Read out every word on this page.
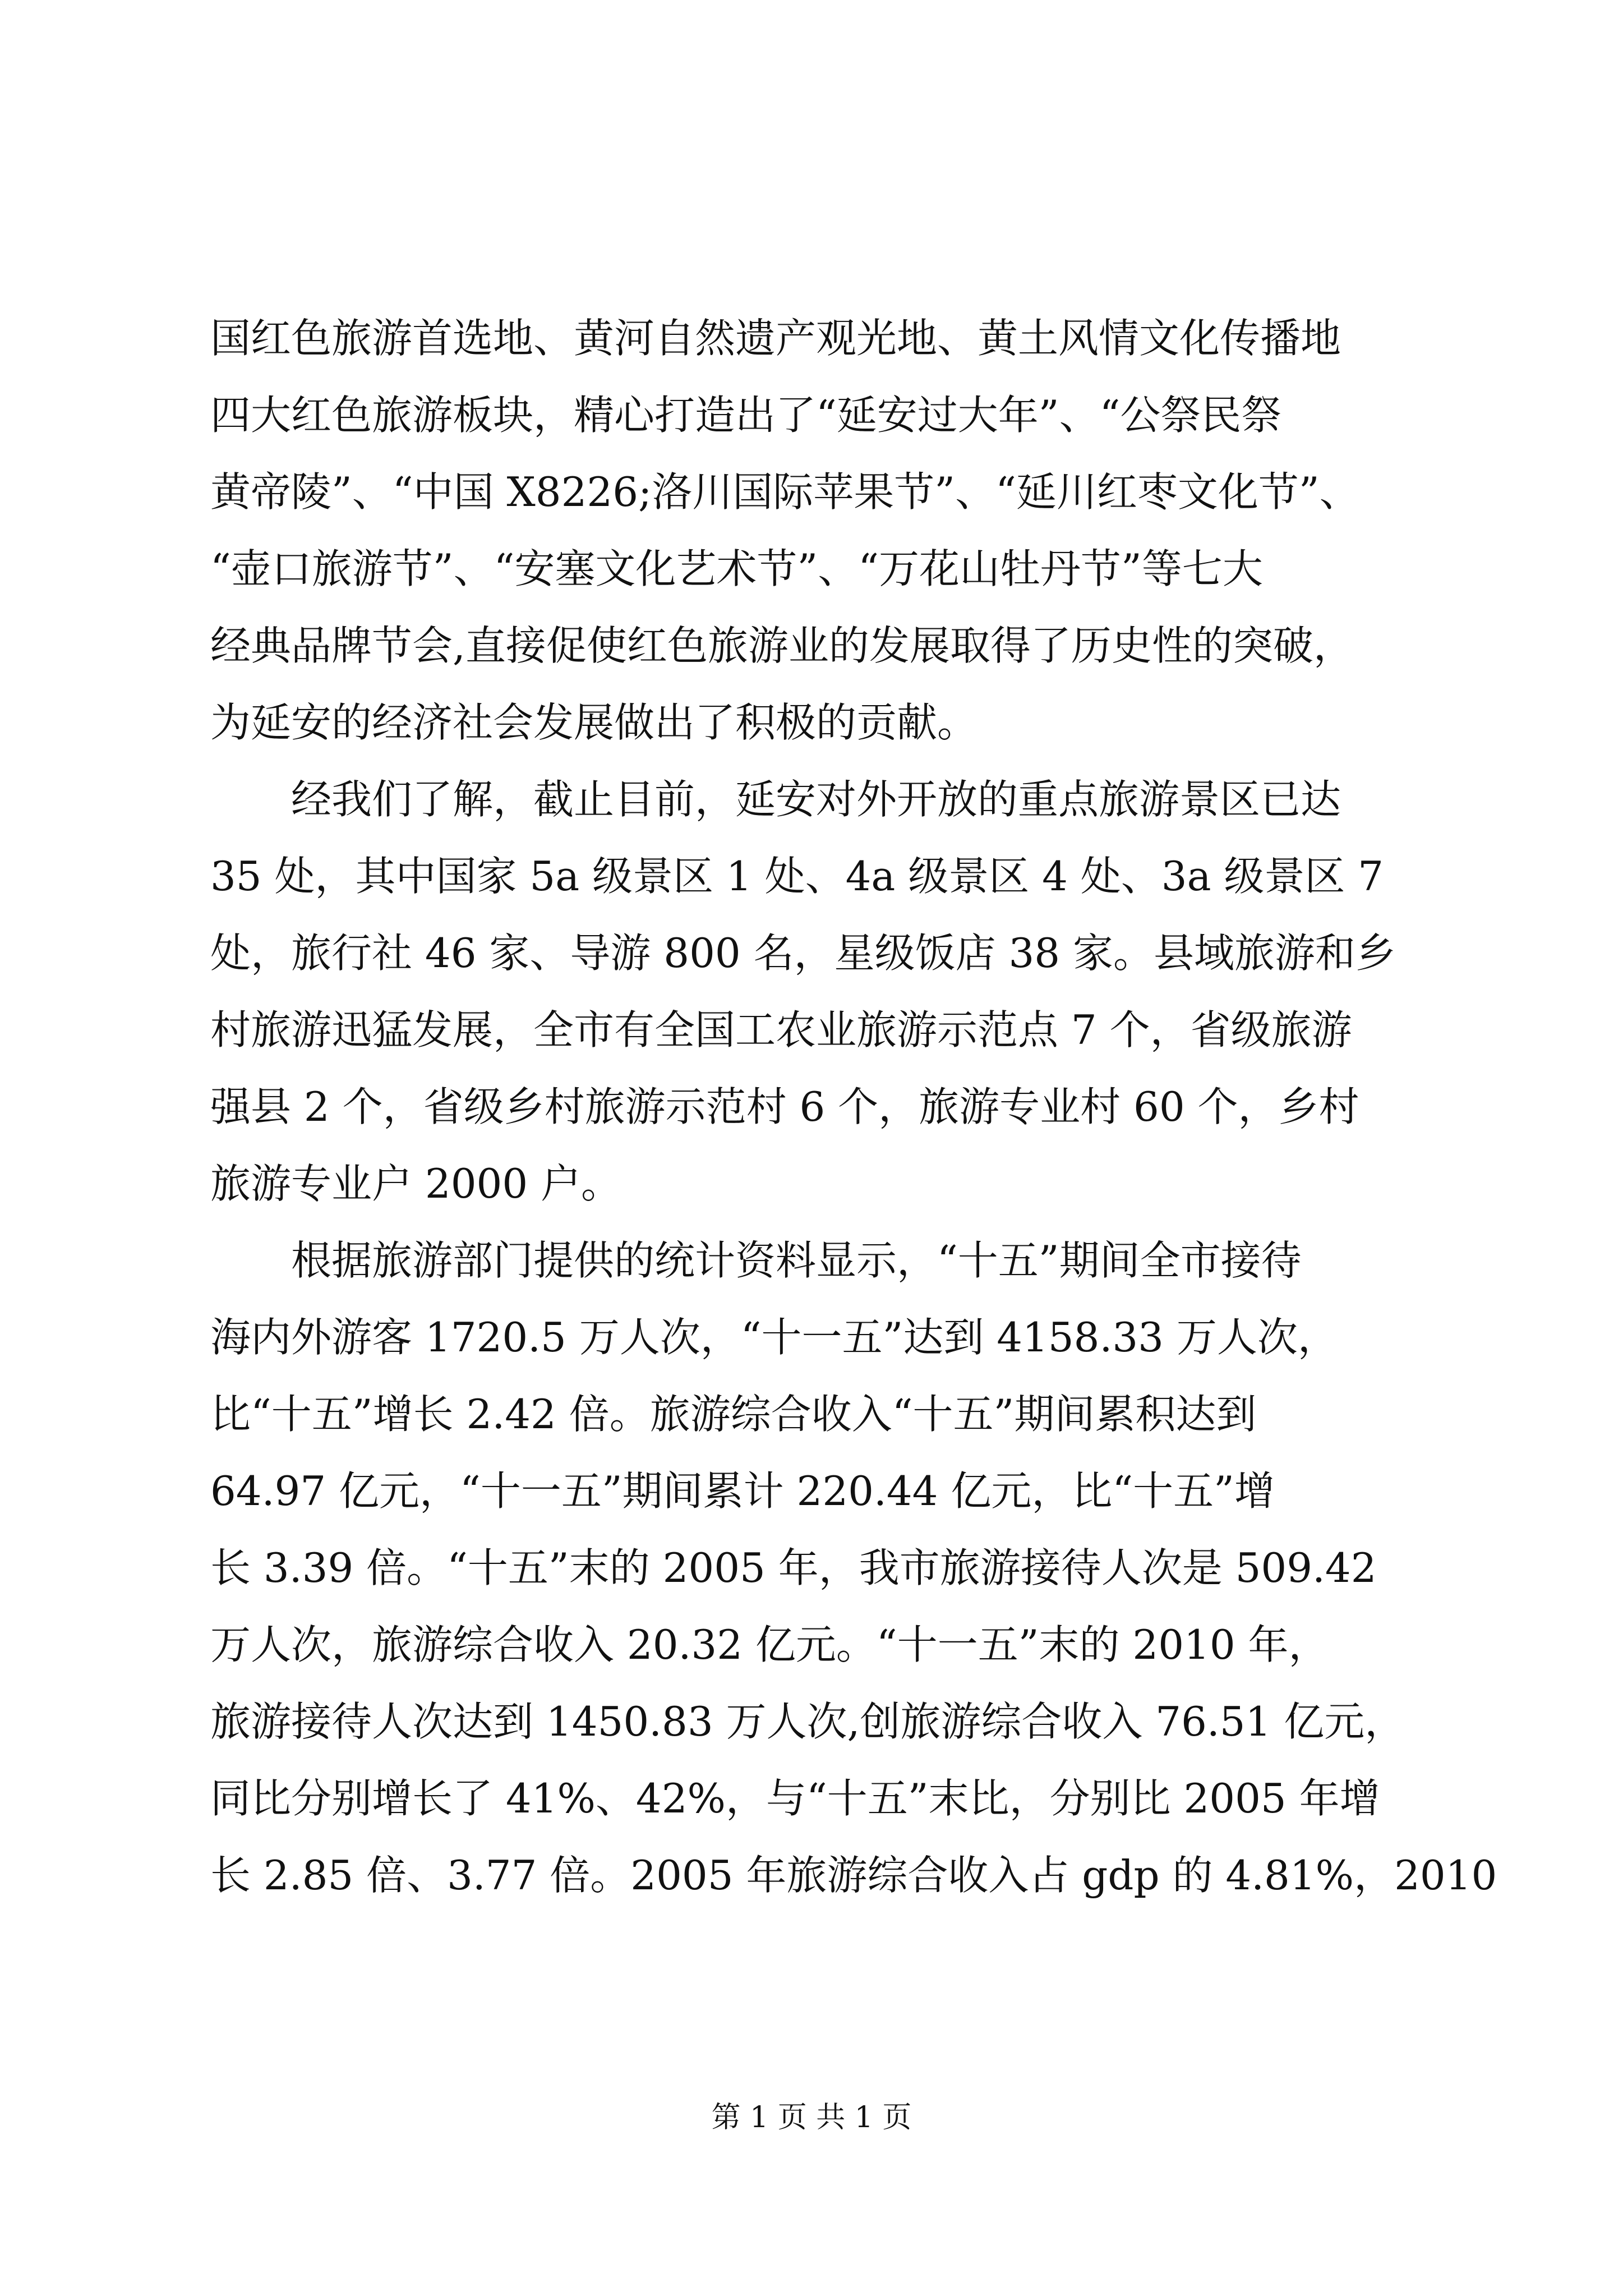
国红色旅游首选地、黄河自然遗产观光地、黄土风情文化传播地
四大红色旅游板块，精心打造出了“延安过大年”、“公祭民祭
黄帝陵”、“中国 X8226;洛川国际苹果节”、“延川红枣文化节”、
“壶口旅游节”、“安塞文化艺术节”、“万花山牡丹节”等七大
经典品牌节会,直接促使红色旅游业的发展取得了历史性的突破，
为延安的经济社会发展做出了积极的贡献。
　　经我们了解，截止目前，延安对外开放的重点旅游景区已达
35 处，其中国家 5a 级景区 1 处、4a 级景区 4 处、3a 级景区 7
处，旅行社 46 家、导游 800 名，星级饭店 38 家。县域旅游和乡
村旅游迅猛发展，全市有全国工农业旅游示范点 7 个，省级旅游
强县 2 个，省级乡村旅游示范村 6 个，旅游专业村 60 个，乡村
旅游专业户 2000 户。
　　根据旅游部门提供的统计资料显示，“十五”期间全市接待
海内外游客 1720.5 万人次，“十一五”达到 4158.33 万人次，
比“十五”增长 2.42 倍。旅游综合收入“十五”期间累积达到
64.97 亿元，“十一五”期间累计 220.44 亿元，比“十五”增
长 3.39 倍。“十五”末的 2005 年，我市旅游接待人次是 509.42
万人次，旅游综合收入 20.32 亿元。“十一五”末的 2010 年，
旅游接待人次达到 1450.83 万人次,创旅游综合收入 76.51 亿元，
同比分别增长了 41%、42%，与“十五”末比，分别比 2005 年增
长 2.85 倍、3.77 倍。2005 年旅游综合收入占 gdp 的 4.81%，2010
第 1 页 共 1 页
